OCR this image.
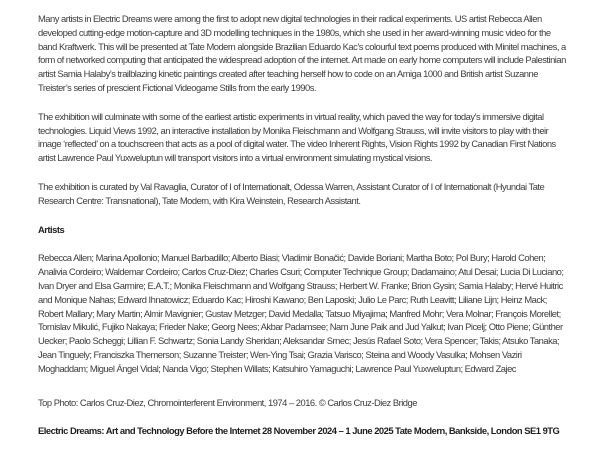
Many artists in Electric Dreams were among the first to adopt new digital technologies in their radical experiments. US artist Rebecca Allen developed cutting-edge motion-capture and 3D modelling techniques in the 1980s, which she used in her award-winning music video for the band Kraftwerk. This will be presented at Tate Modern alongside Brazilian Eduardo Kac’s colourful text poems produced with Minitel machines, a form of networked computing that anticipated the widespread adoption of the internet. Art made on early home computers will include Palestinian artist Samia Halaby’s trailblazing kinetic paintings created after teaching herself how to code on an Amiga 1000 and British artist Suzanne Treister’s series of prescient Fictional Videogame Stills from the early 1990s.

The exhibition will culminate with some of the earliest artistic experiments in virtual reality, which paved the way for today’s immersive digital technologies. Liquid Views 1992, an interactive installation by Monika Fleischmann and Wolfgang Strauss, will invite visitors to play with their image ‘reflected’ on a touchscreen that acts as a pool of digital water. The video Inherent Rights, Vision Rights 1992 by Canadian First Nations artist Lawrence Paul Yuxweluptun will transport visitors into a virtual environment simulating mystical visions.

The exhibition is curated by Val Ravaglia, Curator of I of Internationalt, Odessa Warren, Assistant Curator of I of Internationalt (Hyundai Tate Research Centre: Transnational), Tate Modern, with Kira Weinstein, Research Assistant.

Artists

Rebecca Allen; Marina Apollonio; Manuel Barbadillo; Alberto Biasi; Vladimir Bonačić; Davide Boriani; Martha Boto; Pol Bury; Harold Cohen; Analivia Cordeiro; Waldemar Cordeiro; Carlos Cruz-Diez; Charles Csuri; Computer Technique Group; Dadamaino; Atul Desai; Lucia Di Luciano; Ivan Dryer and Elsa Garmire; E.A.T.; Monika Fleischmann and Wolfgang Strauss; Herbert W. Franke; Brion Gysin; Samia Halaby; Hervé Huitric and Monique Nahas; Edward Ihnatowicz; Eduardo Kac; Hiroshi Kawano; Ben Laposki; Julio Le Parc; Ruth Leavitt; Liliane Lijn; Heinz Mack; Robert Mallary; Mary Martin; Almir Mavignier; Gustav Metzger; David Medalla; Tatsuo Miyajima; Manfred Mohr; Vera Molnar; François Morellet; Tomislav Mikulić, Fujiko Nakaya; Frieder Nake; Georg Nees; Akbar Padamsee; Nam June Paik and Jud Yalkut; Ivan Picelj; Otto Piene; Günther Uecker; Paolo Scheggi; Lillian F. Schwartz; Sonia Landy Sheridan; Aleksandar Srnec; Jesús Rafael Soto; Vera Spencer; Takis; Atsuko Tanaka; Jean Tinguely; Franciszka Themerson; Suzanne Treister; Wen-Ying Tsai; Grazia Varisco; Steina and Woody Vasulka; Mohsen Vaziri Moghaddam; Miguel Ángel Vidal; Nanda Vigo; Stephen Willats; Katsuhiro Yamaguchi; Lawrence Paul Yuxweluptun; Edward Zajec

Top Photo: Carlos Cruz-Diez, Chromointerferent Environment, 1974 – 2016. © Carlos Cruz-Diez Bridge

Electric Dreams: Art and Technology Before the Internet 28 November 2024 – 1 June 2025 Tate Modern, Bankside, London SE1 9TG
